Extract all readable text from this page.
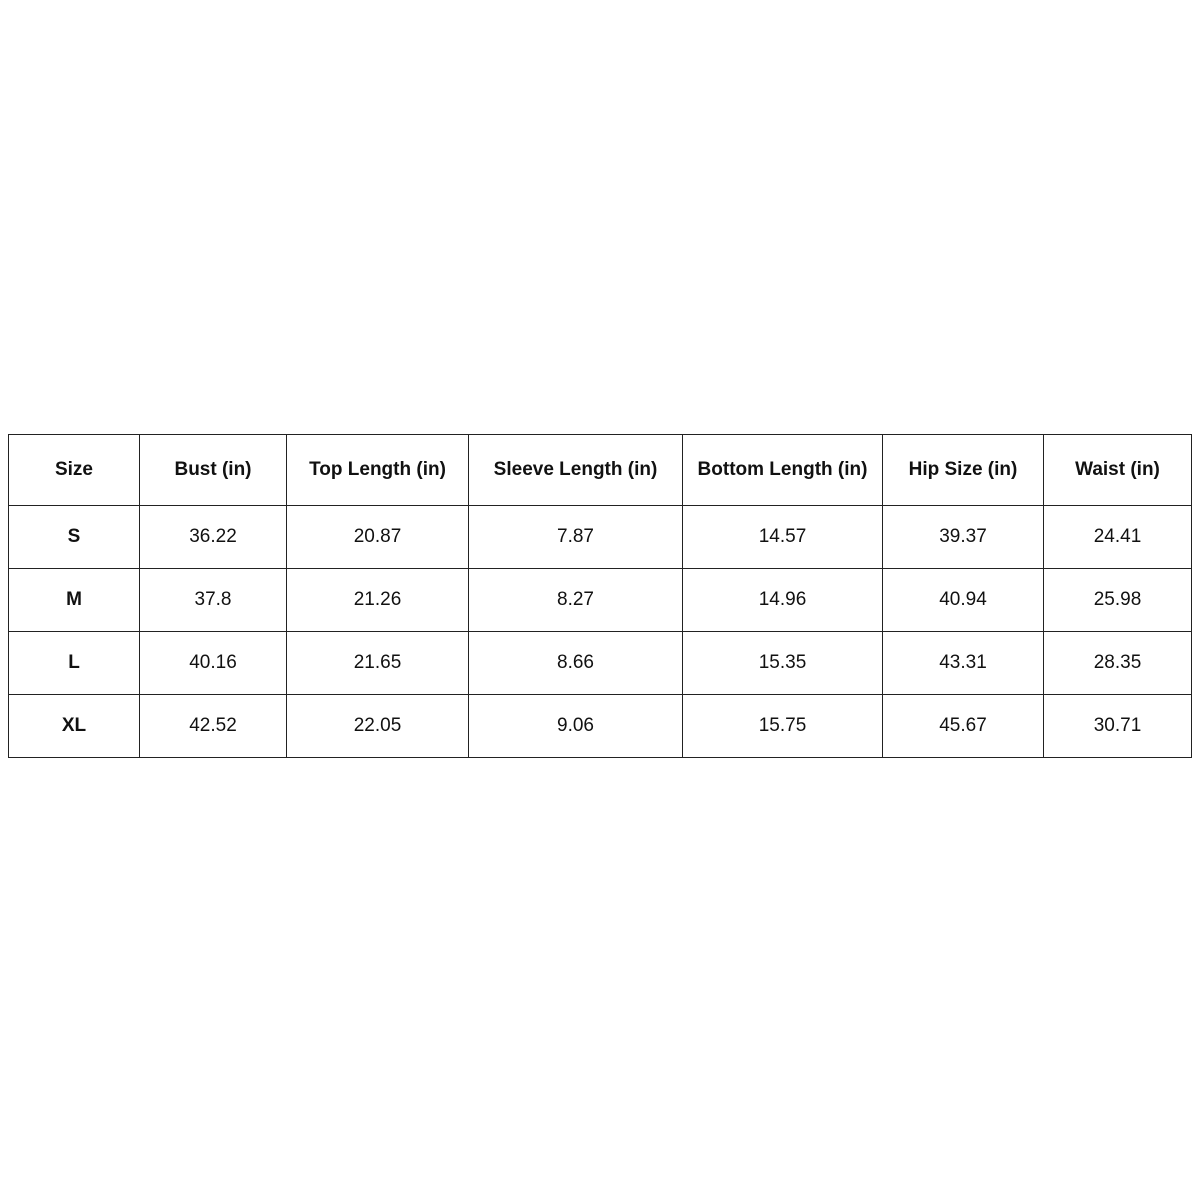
Size	Bust (in)	Top Length (in)	Sleeve Length (in)	Bottom Length (in)	Hip Size (in)	Waist (in)
S	36.22	20.87	7.87	14.57	39.37	24.41
M	37.8	21.26	8.27	14.96	40.94	25.98
L	40.16	21.65	8.66	15.35	43.31	28.35
XL	42.52	22.05	9.06	15.75	45.67	30.71
